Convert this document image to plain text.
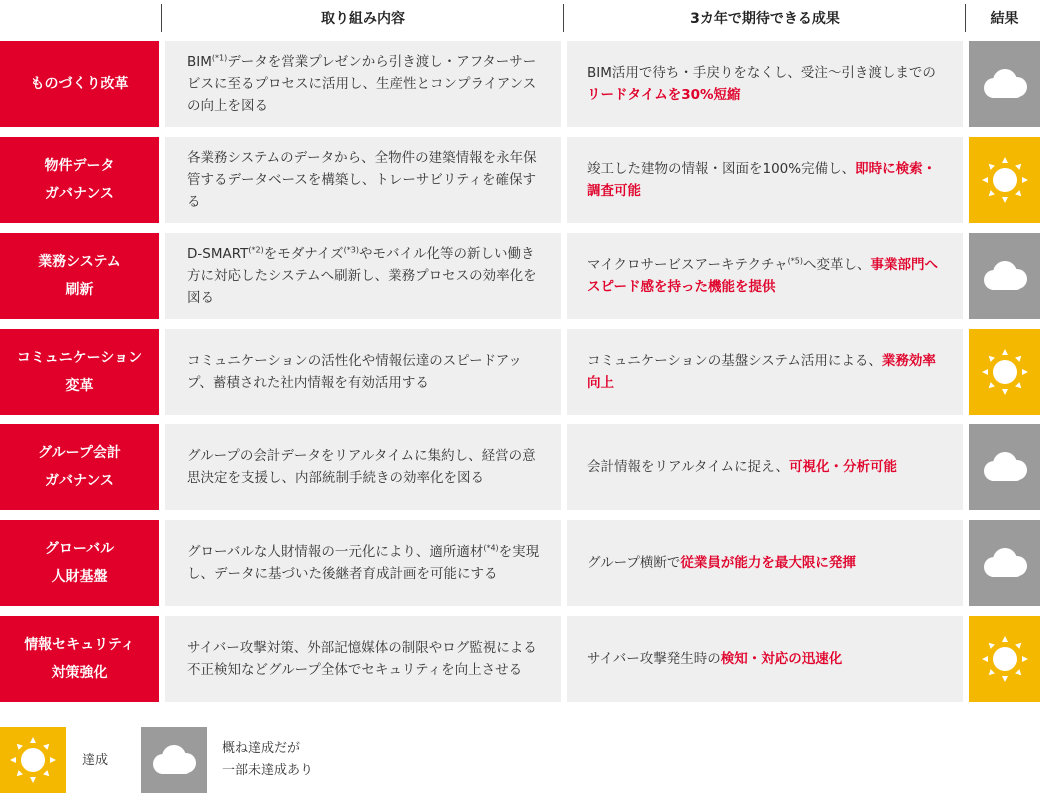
取り組み内容	3カ年で期待できる成果	結果
ものづくり改革
$BIM^{(*1)}$データを営業プレゼンから引き渡し・アフターサービスに至るプロセスに活用し、生産性とコンプライアンスの向上を図る
BIM活用で待ち・手戻りをなくし、受注〜引き渡しまでのリードタイムを30%短縮
物件データ
ガバナンス
各業務システムのデータから、全物件の建築情報を永年保管するデータベースを構築し、トレーサビリティを確保する
竣工した建物の情報・図面を100%完備し、即時に検索・調査可能
業務システム
刷新
$D-SMART^{(*2)}$をモダナイズ$^{(*3)}$やモバイル化等の新しい働き方に対応したシステムへ刷新し、業務プロセスの効率化を図る
マイクロサービスアーキテクチャ$^{(*5)}$へ変革し、事業部門へスピード感を持った機能を提供
コミュニケーション
変革
コミュニケーションの活性化や情報伝達のスピードアップ、蓄積された社内情報を有効活用する
コミュニケーションの基盤システム活用による、業務効率向上
グループ会計
ガバナンス
グループの会計データをリアルタイムに集約し、経営の意思決定を支援し、内部統制手続きの効率化を図る
会計情報をリアルタイムに捉え、可視化・分析可能
グローバル
人財基盤
グローバルな人財情報の一元化により、適所適材$^{(*4)}$を実現し、データに基づいた後継者育成計画を可能にする
グループ横断で従業員が能力を最大限に発揮
情報セキュリティ
対策強化
サイバー攻撃対策、外部記憶媒体の制限やログ監視による不正検知などグループ全体でセキュリティを向上させる
サイバー攻撃発生時の検知・対応の迅速化
達成
概ね達成だが
一部未達成あり
